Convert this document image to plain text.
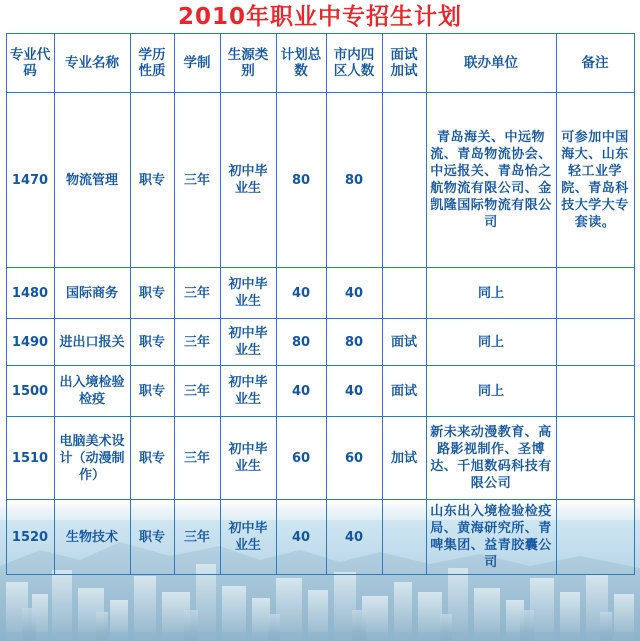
2010年职业中专招生计划
专业代码	专业名称	学历性质	学制	生源类别	计划总数	市内四区人数	面试加试	联办单位	备注
1470	物流管理	职专	三年	初中毕业生	80	80		青岛海关、中远物流、青岛物流协会、中远报关、青岛怡之航物流有限公司、金凯隆国际物流有限公司	可参加中国海大、山东轻工业学院、青岛科技大学大专套读。
1480	国际商务	职专	三年	初中毕业生	40	40		同上	
1490	进出口报关	职专	三年	初中毕业生	80	80	面试	同上	
1500	出入境检验检疫	职专	三年	初中毕业生	40	40	面试	同上	
1510	电脑美术设计（动漫制作）	职专	三年	初中毕业生	60	60	加试	新未来动漫教育、高路影视制作、圣博达、千旭数码科技有限公司	
1520	生物技术	职专	三年	初中毕业生	40	40		山东出入境检验检疫局、黄海研究所、青啤集团、益青胶囊公司	
